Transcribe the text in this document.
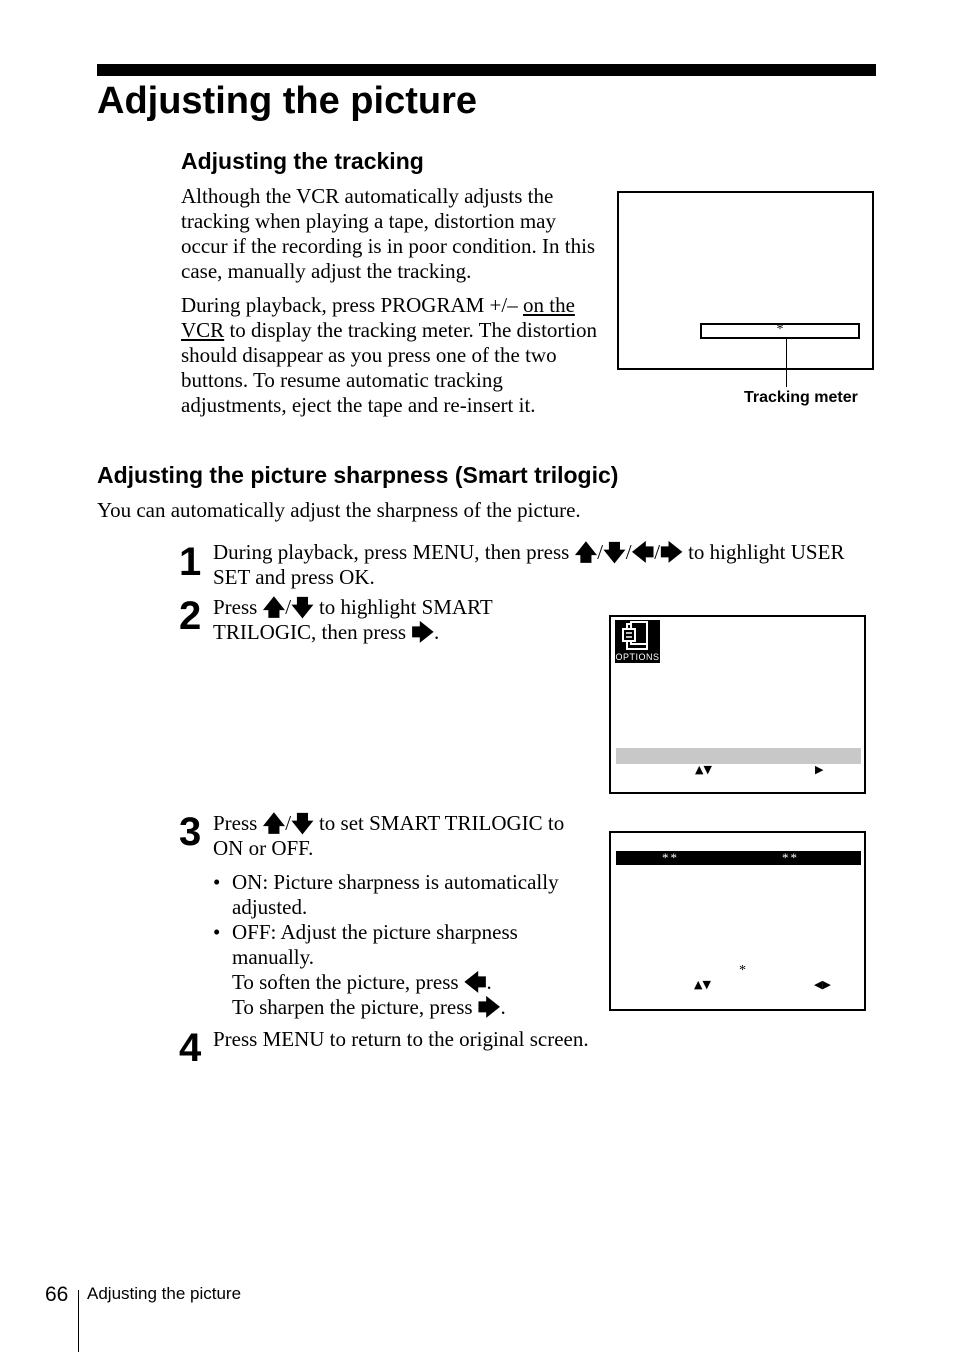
Adjusting the picture
Adjusting the tracking
Although the VCR automatically adjusts the tracking when playing a tape, distortion may occur if the recording is in poor condition. In this case, manually adjust the tracking.
During playback, press PROGRAM +/– on the VCR to display the tracking meter. The distortion should disappear as you press one of the two buttons. To resume automatic tracking adjustments, eject the tape and re-insert it.
*
Tracking meter
Adjusting the picture sharpness (Smart trilogic)
You can automatically adjust the sharpness of the picture.
1 During playback, press MENU, then press 🡅/🡇/🡄/🡆 to highlight USER SET and press OK.
2 Press 🡅/🡇 to highlight SMART TRILOGIC, then press 🡆.
OPTIONS
▲▼	▶
3 Press 🡅/🡇 to set SMART TRILOGIC to ON or OFF.
• ON: Picture sharpness is automatically adjusted.
• OFF: Adjust the picture sharpness manually.
To soften the picture, press 🡄.
To sharpen the picture, press 🡆.
**	**
*
▲▼	◀▶
4 Press MENU to return to the original screen.
66 Adjusting the picture
